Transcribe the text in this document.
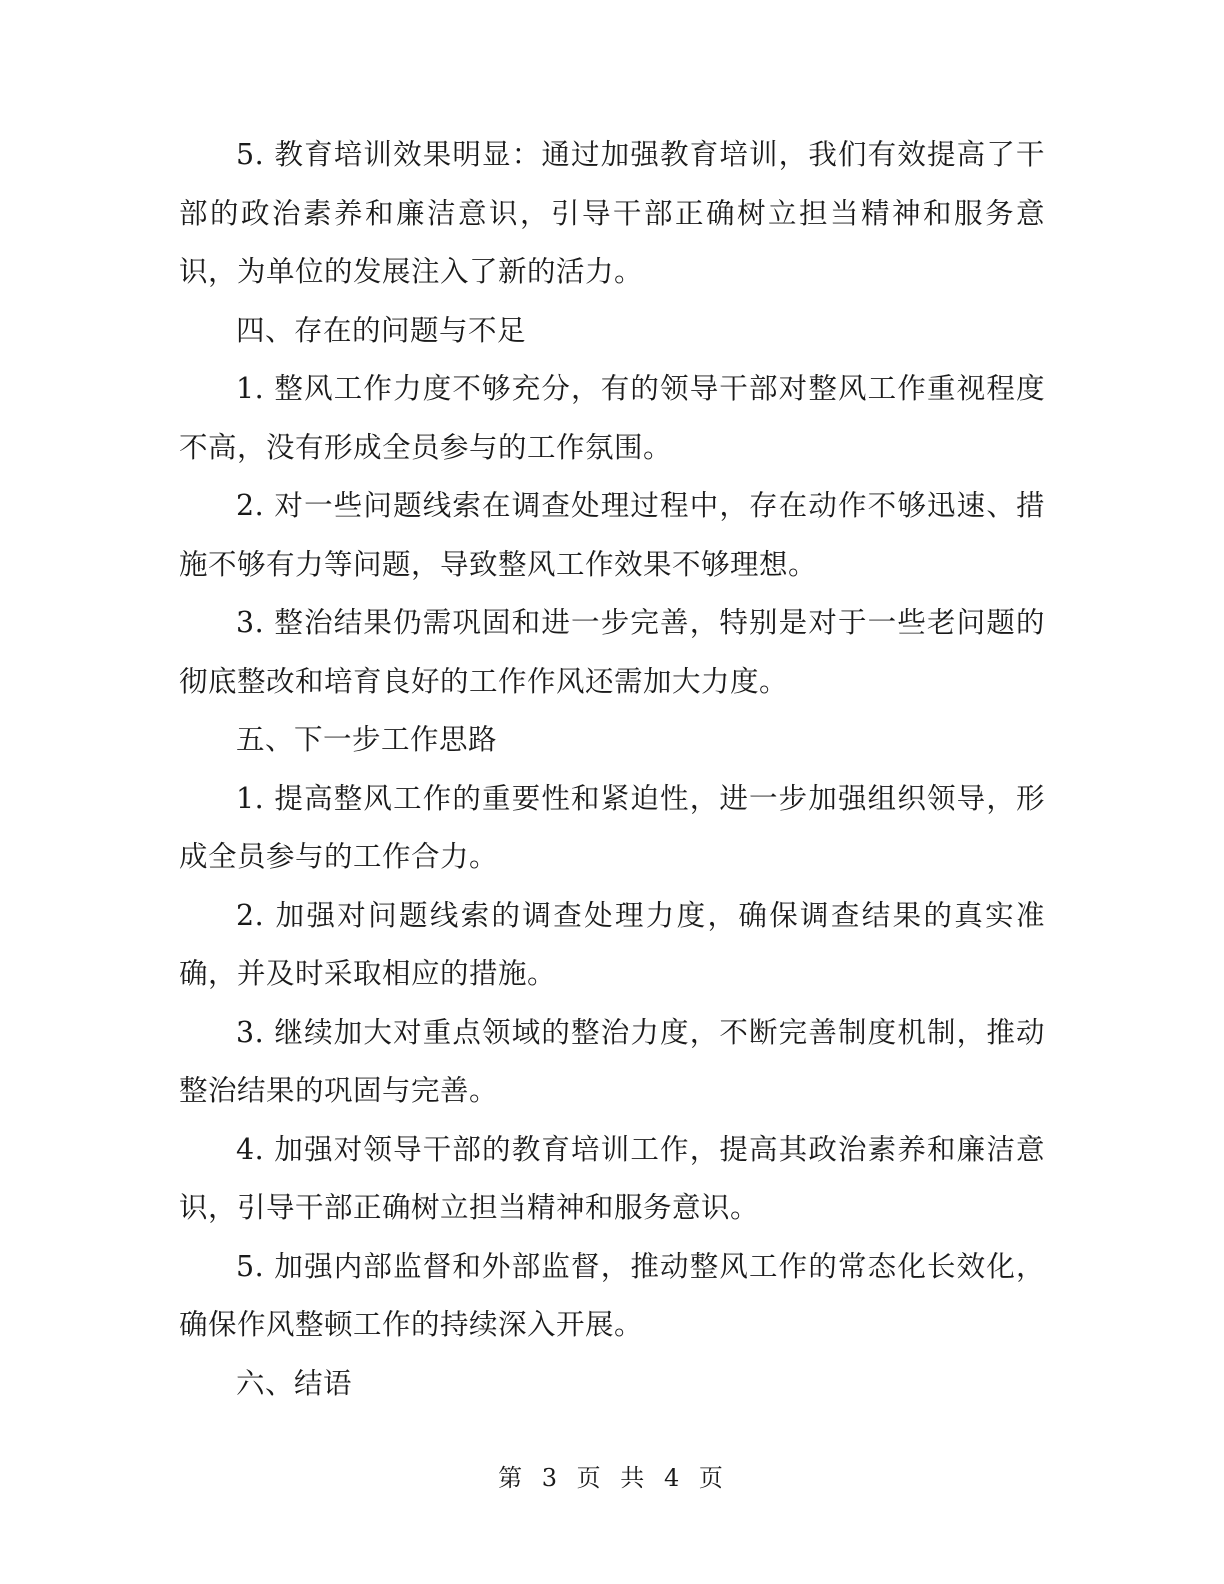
5. 教育培训效果明显：通过加强教育培训，我们有效提高了干部的政治素养和廉洁意识，引导干部正确树立担当精神和服务意识，为单位的发展注入了新的活力。

四、存在的问题与不足

1. 整风工作力度不够充分，有的领导干部对整风工作重视程度不高，没有形成全员参与的工作氛围。

2. 对一些问题线索在调查处理过程中，存在动作不够迅速、措施不够有力等问题，导致整风工作效果不够理想。

3. 整治结果仍需巩固和进一步完善，特别是对于一些老问题的彻底整改和培育良好的工作作风还需加大力度。

五、下一步工作思路

1. 提高整风工作的重要性和紧迫性，进一步加强组织领导，形成全员参与的工作合力。

2. 加强对问题线索的调查处理力度，确保调查结果的真实准确，并及时采取相应的措施。

3. 继续加大对重点领域的整治力度，不断完善制度机制，推动整治结果的巩固与完善。

4. 加强对领导干部的教育培训工作，提高其政治素养和廉洁意识，引导干部正确树立担当精神和服务意识。

5. 加强内部监督和外部监督，推动整风工作的常态化长效化，确保作风整顿工作的持续深入开展。

六、结语

第 3 页 共 4 页
